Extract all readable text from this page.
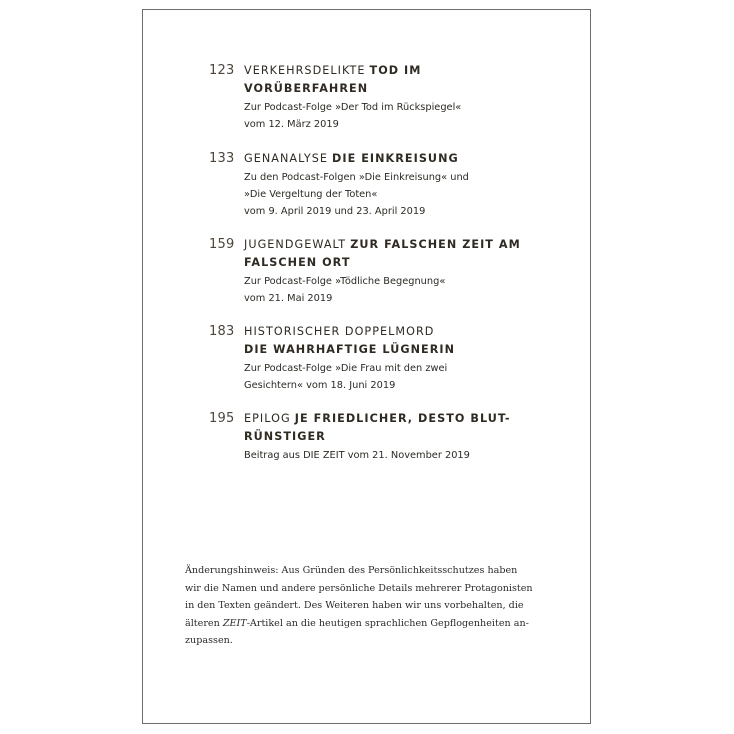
123 VERKEHRSDELIKTE TOD IM VORÜBERFAHREN
Zur Podcast-Folge »Der Tod im Rückspiegel«
vom 12. März 2019
133 GENANALYSE DIE EINKREISUNG
Zu den Podcast-Folgen »Die Einkreisung« und
»Die Vergeltung der Toten«
vom 9. April 2019 und 23. April 2019
159 JUGENDGEWALT ZUR FALSCHEN ZEIT AM
FALSCHEN ORT
Zur Podcast-Folge »Tödliche Begegnung«
vom 21. Mai 2019
183 HISTORISCHER DOPPELMORD
DIE WAHRHAFTIGE LÜGNERIN
Zur Podcast-Folge »Die Frau mit den zwei
Gesichtern« vom 18. Juni 2019
195 EPILOG JE FRIEDLICHER, DESTO BLUT-
RÜNSTIGER
Beitrag aus DIE ZEIT vom 21. November 2019
Änderungshinweis: Aus Gründen des Persönlichkeitsschutzes haben
wir die Namen und andere persönliche Details mehrerer Protagonisten
in den Texten geändert. Des Weiteren haben wir uns vorbehalten, die
älteren ZEIT-Artikel an die heutigen sprachlichen Gepflogenheiten an-
zupassen.
